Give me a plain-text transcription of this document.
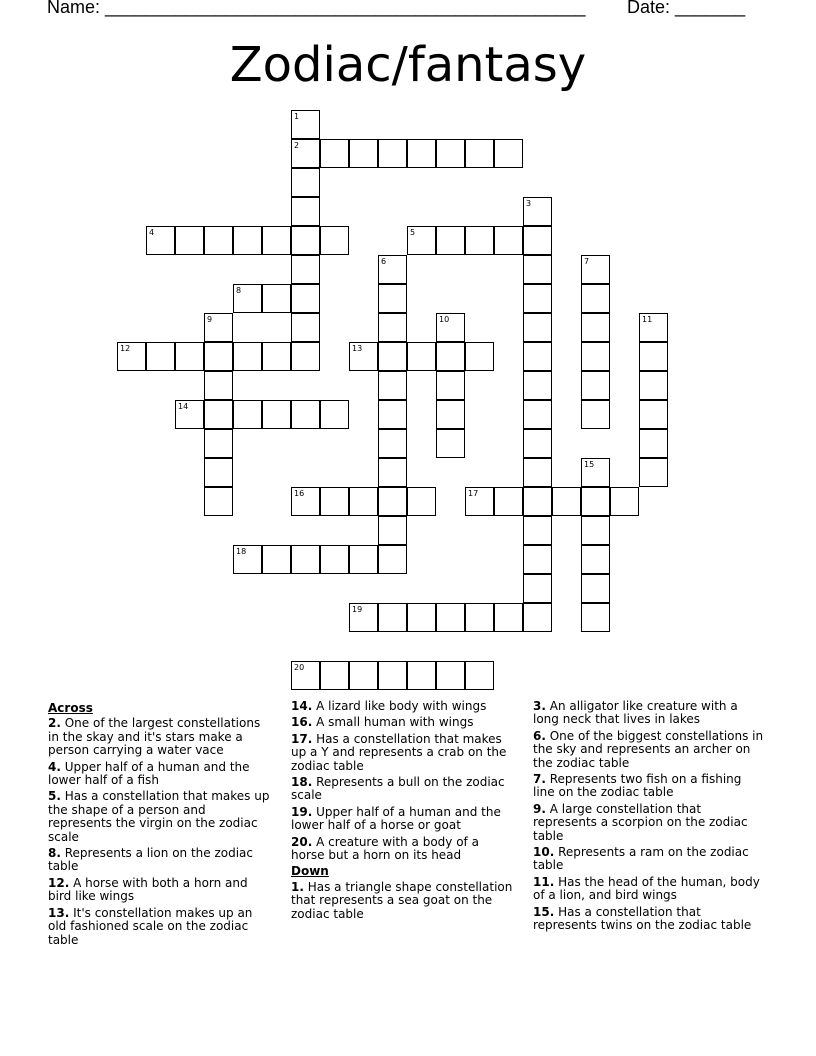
Name: ________________________________________________ Date: _______
Zodiac/fantasy
1
2
3
4	5
6	7
8
9	10	11
12	13
14
15
16	17
18
19
20
Across
2. One of the largest constellations in the skay and it's stars make a person carrying a water vace
4. Upper half of a human and the lower half of a fish
5. Has a constellation that makes up the shape of a person and represents the virgin on the zodiac scale
8. Represents a lion on the zodiac table
12. A horse with both a horn and bird like wings
13. It's constellation makes up an old fashioned scale on the zodiac table
14. A lizard like body with wings
16. A small human with wings
17. Has a constellation that makes up a Y and represents a crab on the zodiac table
18. Represents a bull on the zodiac scale
19. Upper half of a human and the lower half of a horse or goat
20. A creature with a body of a horse but a horn on its head
Down
1. Has a triangle shape constellation that represents a sea goat on the zodiac table
3. An alligator like creature with a long neck that lives in lakes
6. One of the biggest constellations in the sky and represents an archer on the zodiac table
7. Represents two fish on a fishing line on the zodiac table
9. A large constellation that represents a scorpion on the zodiac table
10. Represents a ram on the zodiac table
11. Has the head of the human, body of a lion, and bird wings
15. Has a constellation that represents twins on the zodiac table
